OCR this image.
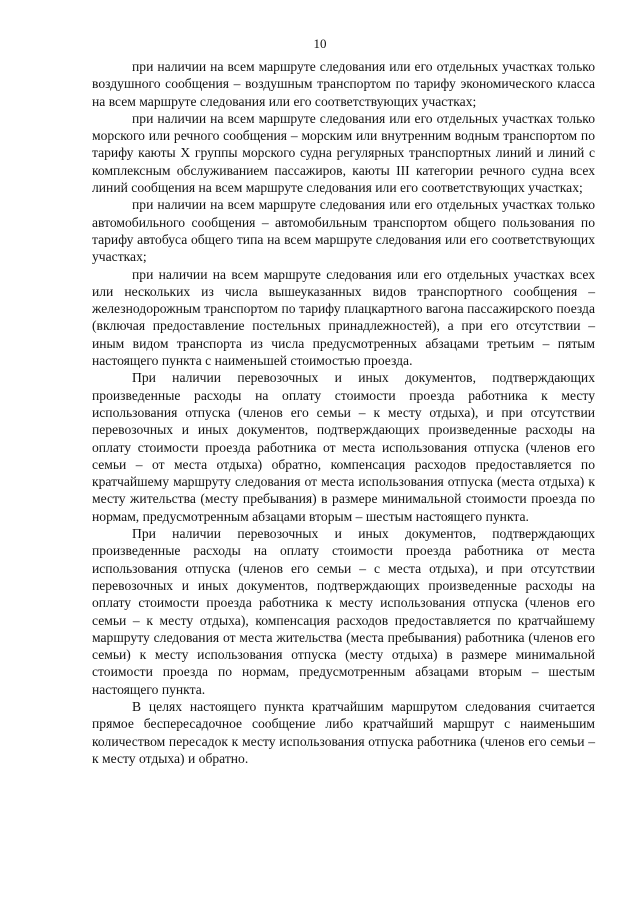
10

при наличии на всем маршруте следования или его отдельных участках только воздушного сообщения – воздушным транспортом по тарифу экономического класса на всем маршруте следования или его соответствующих участках;

при наличии на всем маршруте следования или его отдельных участках только морского или речного сообщения – морским или внутренним водным транспортом по тарифу каюты X группы морского судна регулярных транспортных линий и линий с комплексным обслуживанием пассажиров, каюты III категории речного судна всех линий сообщения на всем маршруте следования или его соответствующих участках;

при наличии на всем маршруте следования или его отдельных участках только автомобильного сообщения – автомобильным транспортом общего пользования по тарифу автобуса общего типа на всем маршруте следования или его соответствующих участках;

при наличии на всем маршруте следования или его отдельных участках всех или нескольких из числа вышеуказанных видов транспортного сообщения – железнодорожным транспортом по тарифу плацкартного вагона пассажирского поезда (включая предоставление постельных принадлежностей), а при его отсутствии – иным видом транспорта из числа предусмотренных абзацами третьим – пятым настоящего пункта с наименьшей стоимостью проезда.

При наличии перевозочных и иных документов, подтверждающих произведенные расходы на оплату стоимости проезда работника к месту использования отпуска (членов его семьи – к месту отдыха), и при отсутствии перевозочных и иных документов, подтверждающих произведенные расходы на оплату стоимости проезда работника от места использования отпуска (членов его семьи – от места отдыха) обратно, компенсация расходов предоставляется по кратчайшему маршруту следования от места использования отпуска (места отдыха) к месту жительства (месту пребывания) в размере минимальной стоимости проезда по нормам, предусмотренным абзацами вторым – шестым настоящего пункта.

При наличии перевозочных и иных документов, подтверждающих произведенные расходы на оплату стоимости проезда работника от места использования отпуска (членов его семьи – с места отдыха), и при отсутствии перевозочных и иных документов, подтверждающих произведенные расходы на оплату стоимости проезда работника к месту использования отпуска (членов его семьи – к месту отдыха), компенсация расходов предоставляется по кратчайшему маршруту следования от места жительства (места пребывания) работника (членов его семьи) к месту использования отпуска (месту отдыха) в размере минимальной стоимости проезда по нормам, предусмотренным абзацами вторым – шестым настоящего пункта.

В целях настоящего пункта кратчайшим маршрутом следования считается прямое беспересадочное сообщение либо кратчайший маршрут с наименьшим количеством пересадок к месту использования отпуска работника (членов его семьи – к месту отдыха) и обратно.
